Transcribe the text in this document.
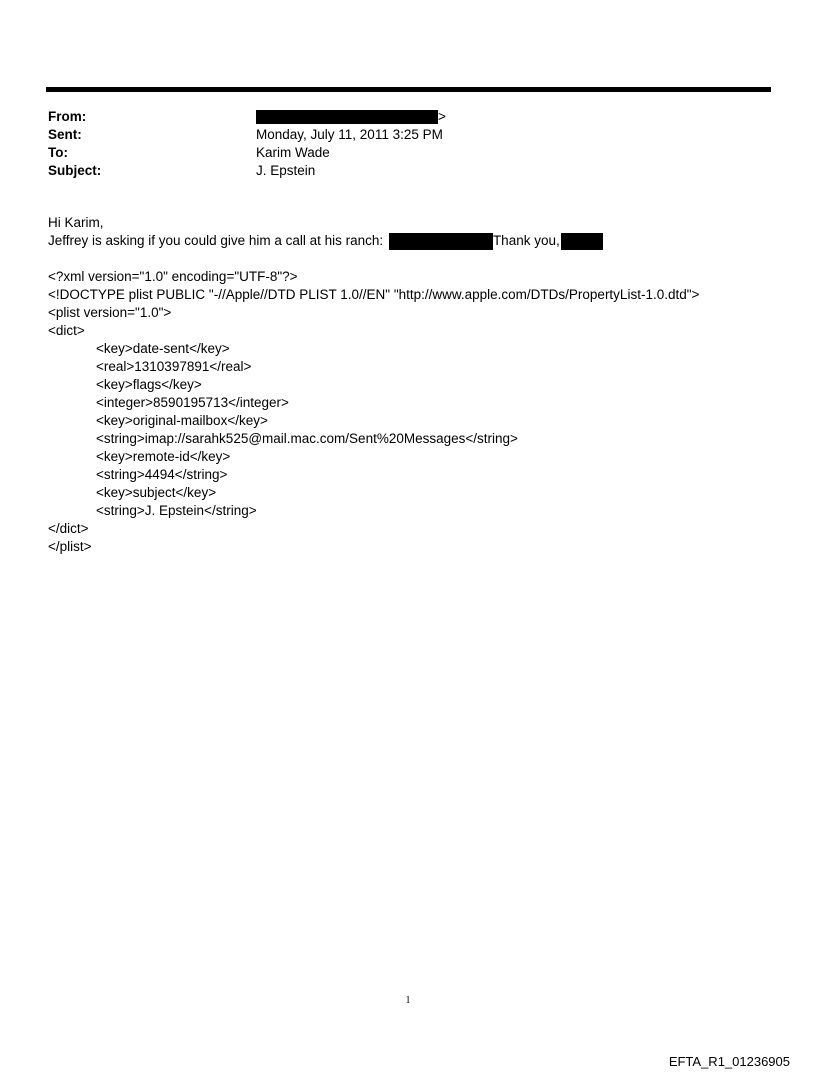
From:	>
Sent:	Monday, July 11, 2011 3:25 PM
To:	Karim Wade
Subject:	J. Epstein
Hi Karim,
Jeffrey is asking if you could give him a call at his ranch:	Thank you,
<?xml version="1.0" encoding="UTF-8"?>
<!DOCTYPE plist PUBLIC "-//Apple//DTD PLIST 1.0//EN" "http://www.apple.com/DTDs/PropertyList-1.0.dtd">
<plist version="1.0">
<dict>
<key>date-sent</key>
<real>1310397891</real>
<key>flags</key>
<integer>8590195713</integer>
<key>original-mailbox</key>
<string>imap://sarahk525@mail.mac.com/Sent%20Messages</string>
<key>remote-id</key>
<string>4494</string>
<key>subject</key>
<string>J. Epstein</string>
</dict>
</plist>
1
EFTA_R1_01236905
